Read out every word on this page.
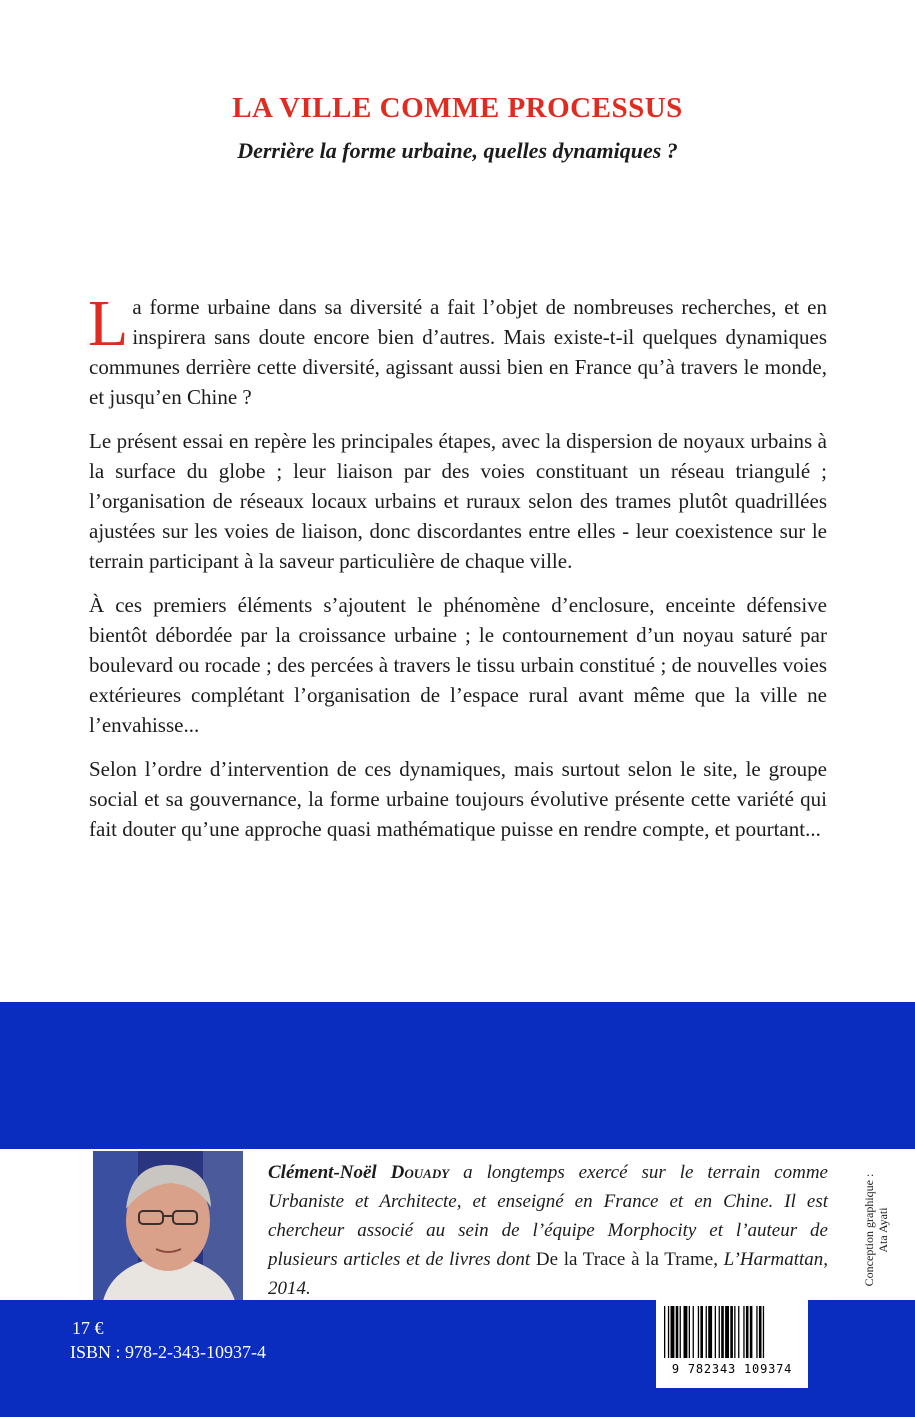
LA VILLE COMME PROCESSUS
Derrière la forme urbaine, quelles dynamiques ?

La forme urbaine dans sa diversité a fait l’objet de nombreuses recherches, et en inspirera sans doute encore bien d’autres. Mais existe-t-il quelques dynamiques communes derrière cette diversité, agissant aussi bien en France qu’à travers le monde, et jusqu’en Chine ?

Le présent essai en repère les principales étapes, avec la dispersion de noyaux urbains à la surface du globe ; leur liaison par des voies constituant un réseau triangulé ; l’organisation de réseaux locaux urbains et ruraux selon des trames plutôt quadrillées ajustées sur les voies de liaison, donc discordantes entre elles - leur coexistence sur le terrain participant à la saveur particulière de chaque ville.

À ces premiers éléments s’ajoutent le phénomène d’enclosure, enceinte défensive bientôt débordée par la croissance urbaine ; le contournement d’un noyau saturé par boulevard ou rocade ; des percées à travers le tissu urbain constitué ; de nouvelles voies extérieures complétant l’organisation de l’espace rural avant même que la ville ne l’envahisse...

Selon l’ordre d’intervention de ces dynamiques, mais surtout selon le site, le groupe social et sa gouvernance, la forme urbaine toujours évolutive présente cette variété qui fait douter qu’une approche quasi mathématique puisse en rendre compte, et pourtant...

Clément-Noël Douady a longtemps exercé sur le terrain comme Urbaniste et Architecte, et enseigné en France et en Chine. Il est chercheur associé au sein de l’équipe Morphocity et l’auteur de plusieurs articles et de livres dont De la Trace à la Trame, L’Harmattan, 2014.
Conception graphique : Ata Ayati
17 €
ISBN : 978-2-343-10937-4
9 782343 109374
